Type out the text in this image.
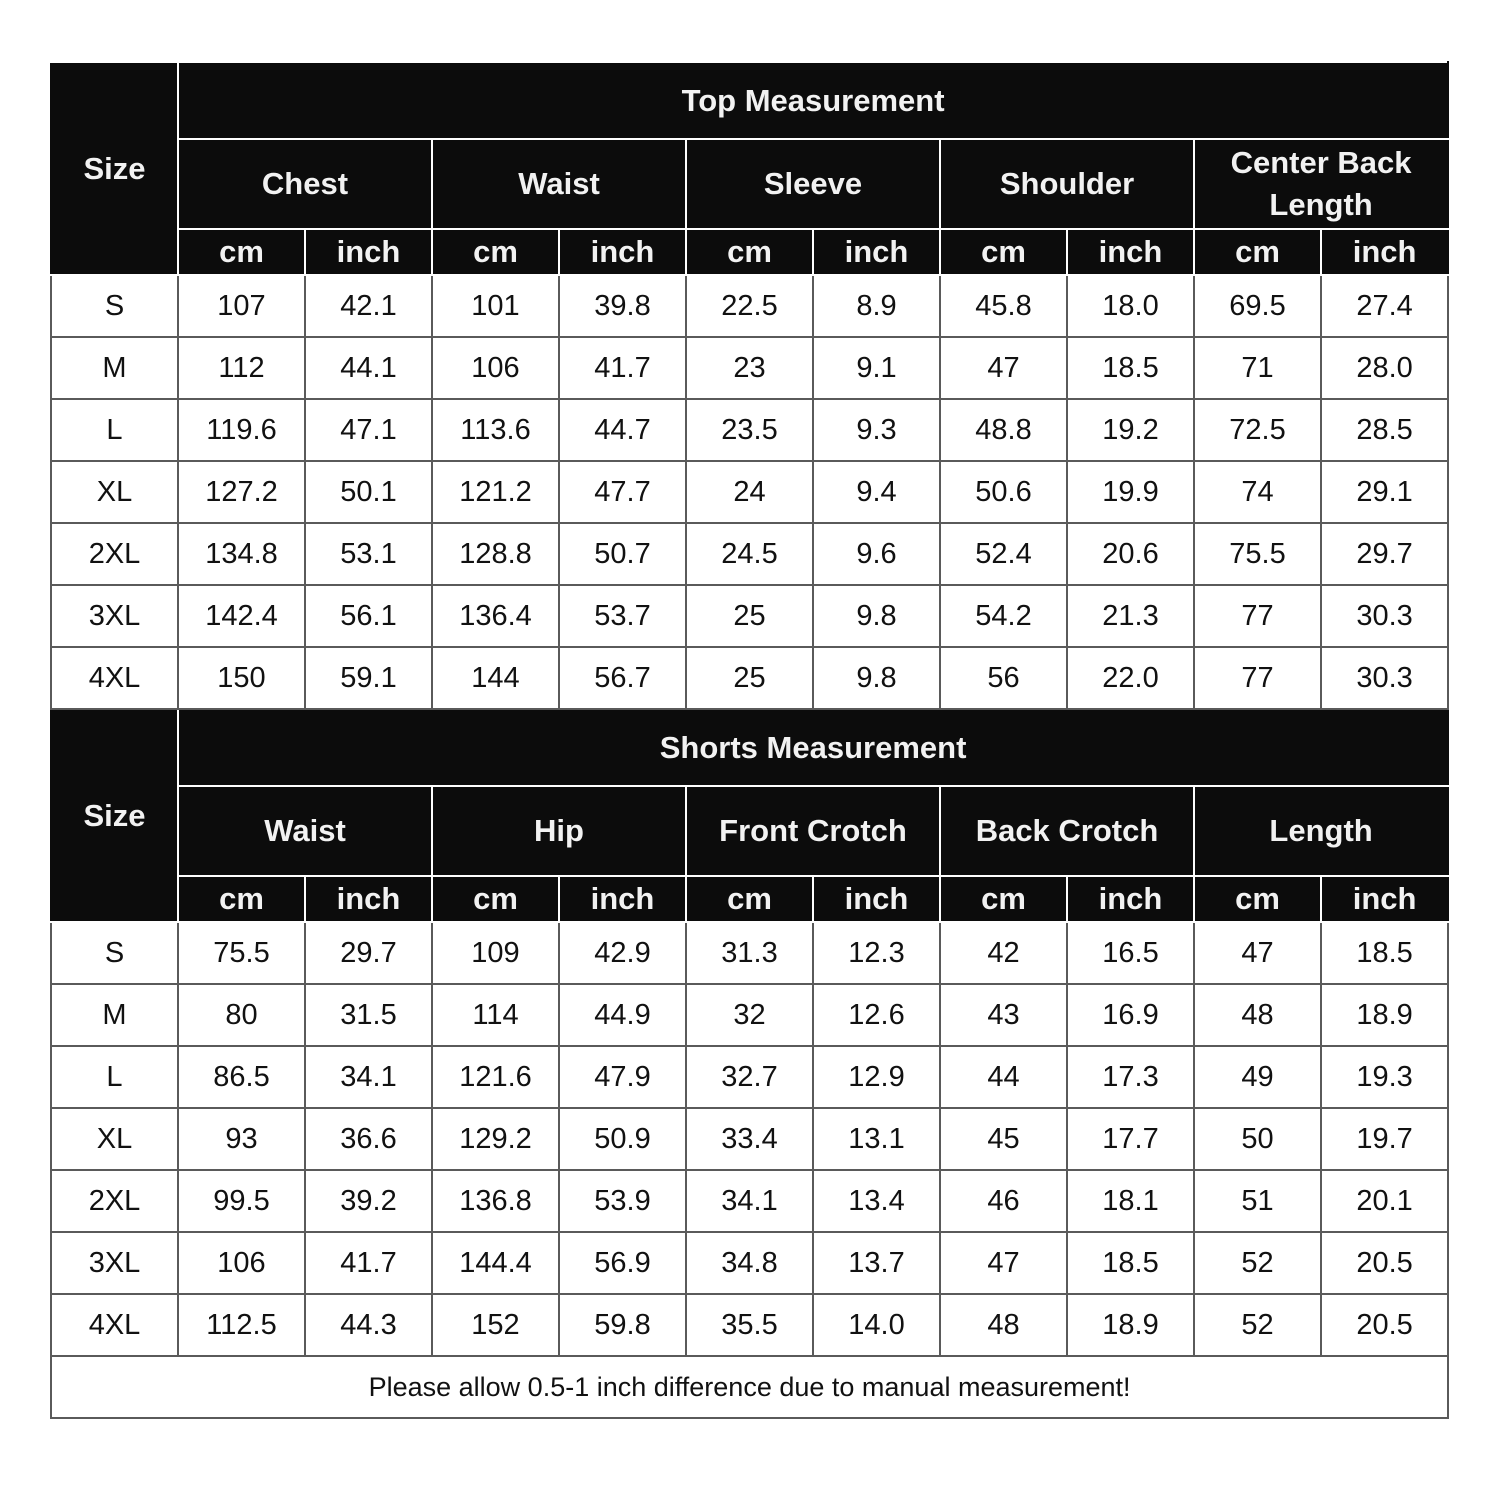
Size	Top Measurement									
	Chest		Waist		Sleeve		Shoulder		Center Back
Length	
	cm	inch	cm	inch	cm	inch	cm	inch	cm	inch
S	107	42.1	101	39.8	22.5	8.9	45.8	18.0	69.5	27.4
M	112	44.1	106	41.7	23	9.1	47	18.5	71	28.0
L	119.6	47.1	113.6	44.7	23.5	9.3	48.8	19.2	72.5	28.5
XL	127.2	50.1	121.2	47.7	24	9.4	50.6	19.9	74	29.1
2XL	134.8	53.1	128.8	50.7	24.5	9.6	52.4	20.6	75.5	29.7
3XL	142.4	56.1	136.4	53.7	25	9.8	54.2	21.3	77	30.3
4XL	150	59.1	144	56.7	25	9.8	56	22.0	77	30.3
Size	Shorts Measurement									
	Waist		Hip		Front Crotch		Back Crotch		Length	
	cm	inch	cm	inch	cm	inch	cm	inch	cm	inch
S	75.5	29.7	109	42.9	31.3	12.3	42	16.5	47	18.5
M	80	31.5	114	44.9	32	12.6	43	16.9	48	18.9
L	86.5	34.1	121.6	47.9	32.7	12.9	44	17.3	49	19.3
XL	93	36.6	129.2	50.9	33.4	13.1	45	17.7	50	19.7
2XL	99.5	39.2	136.8	53.9	34.1	13.4	46	18.1	51	20.1
3XL	106	41.7	144.4	56.9	34.8	13.7	47	18.5	52	20.5
4XL	112.5	44.3	152	59.8	35.5	14.0	48	18.9	52	20.5
Please allow 0.5-1 inch difference due to manual measurement!										
